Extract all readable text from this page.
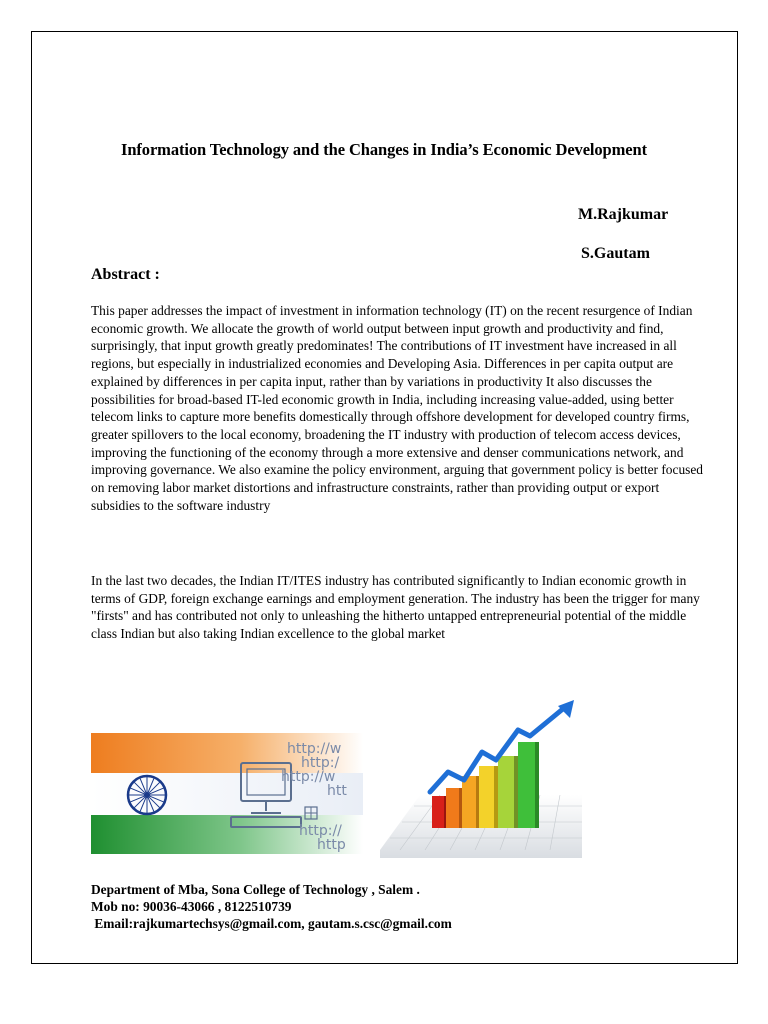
Information Technology and the Changes in India’s Economic Development
M.Rajkumar
S.Gautam
Abstract :

This paper addresses the impact of investment in information technology (IT) on the recent resurgence of Indian economic growth. We allocate the growth of world output between input growth and productivity and find, surprisingly, that input growth greatly predominates! The contributions of IT investment have increased in all regions, but especially in industrialized economies and Developing Asia. Differences in per capita output are explained by differences in per capita input, rather than by variations in productivity It also discusses the possibilities for broad-based IT-led economic growth in India, including increasing value-added, using better telecom links to capture more benefits domestically through offshore development for developed country firms, greater spillovers to the local economy, broadening the IT industry with production of telecom access devices, improving the functioning of the economy through a more extensive and denser communications network, and improving governance. We also examine the policy environment, arguing that government policy is better focused on removing labor market distortions and infrastructure constraints, rather than providing output or export subsidies to the software industry

In the last two decades, the Indian IT/ITES industry has contributed significantly to Indian economic growth in terms of GDP, foreign exchange earnings and employment generation. The industry has been the trigger for many "firsts" and has contributed not only to unleashing the hitherto untapped entrepreneurial potential of the middle class Indian but also taking Indian excellence to the global market

http://w
http:/
http://w
htt
http://
http
Department of Mba, Sona College of Technology , Salem .
Mob no: 90036-43066 , 8122510739
Email:rajkumartechsys@gmail.com, gautam.s.csc@gmail.com
